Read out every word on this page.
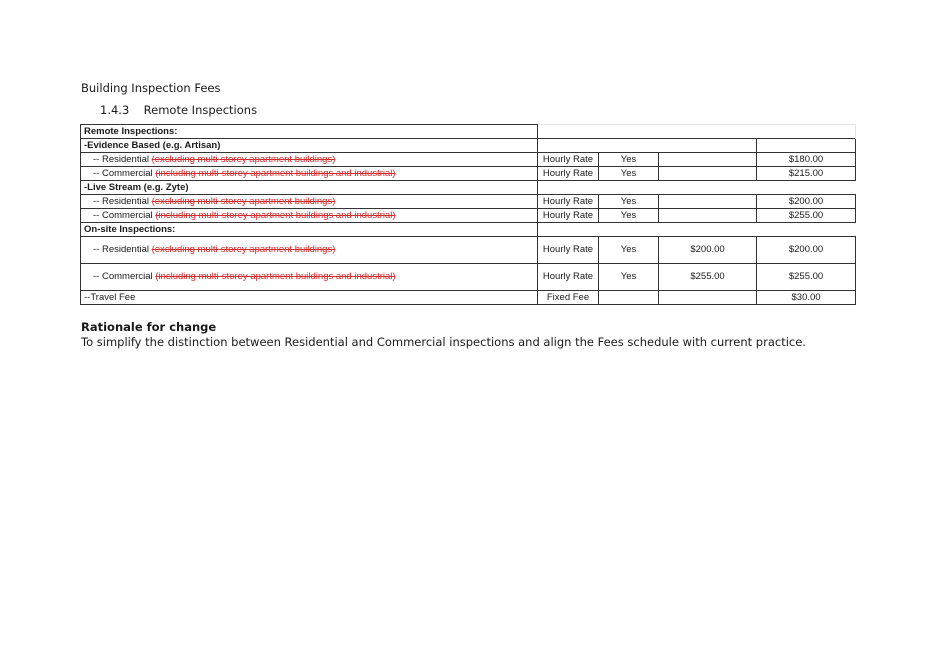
Building Inspection Fees
1.4.3 Remote Inspections
Remote Inspections:				
-Evidence Based (e.g. Artisan)				
-- Residential (excluding multi-storey apartment buildings)	Hourly Rate	Yes		$180.00
-- Commercial (including multi-storey apartment buildings and industrial)	Hourly Rate	Yes		$215.00
-Live Stream (e.g. Zyte)				
-- Residential (excluding multi-storey apartment buildings)	Hourly Rate	Yes		$200.00
-- Commercial (including multi-storey apartment buildings and industrial)	Hourly Rate	Yes		$255.00
On-site Inspections:				
-- Residential (excluding multi-storey apartment buildings)	Hourly Rate	Yes	$200.00	$200.00
-- Commercial (including multi-storey apartment buildings and industrial)	Hourly Rate	Yes	$255.00	$255.00
--Travel Fee	Fixed Fee			$30.00
Rationale for change
To simplify the distinction between Residential and Commercial inspections and align the Fees schedule with current practice.
